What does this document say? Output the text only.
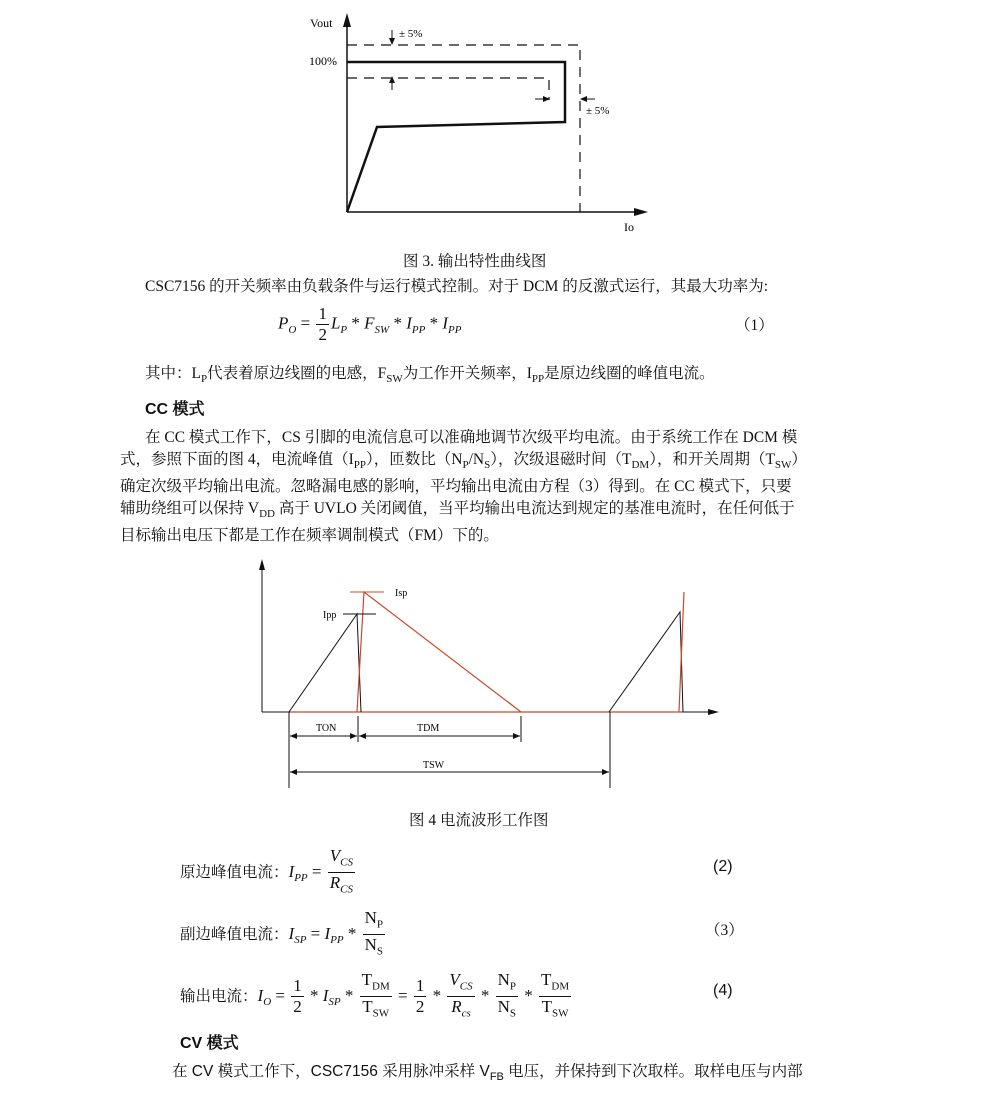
Vout
100%
± 5%
± 5%
Io
图 3. 输出特性曲线图
CSC7156 的开关频率由负载条件与运行模式控制。对于 DCM 的反激式运行，其最大功率为:
$P_O = \frac{1}{2} L_P * F_{SW} * I_{PP} * I_{PP}$	（1）
其中：$L_P$代表着原边线圈的电感，$F_{SW}$为工作开关频率，$I_{PP}$是原边线圈的峰值电流。
CC 模式
在 CC 模式工作下，CS 引脚的电流信息可以准确地调节次级平均电流。由于系统工作在 DCM 模
式，参照下面的图 4，电流峰值$(I_{PP})$，匝数比$(N_P/N_S)$，次级退磁时间$(T_{DM})$，和开关周期$(T_{SW})$
确定次级平均输出电流。忽略漏电感的影响，平均输出电流由方程（3）得到。在 CC 模式下，只要
辅助绕组可以保持 $V_{DD}$ 高于 UVLO 关闭阈值，当平均输出电流达到规定的基准电流时，在任何低于
目标输出电压下都是工作在频率调制模式（FM）下的。
Ipp
Isp
TON	TDM
TSW
图 4 电流波形工作图
原边峰值电流：$I_{PP} = \frac{V_{CS}}{R_{CS}}$	(2)
副边峰值电流：$I_{SP} = I_{PP} * \frac{N_P}{N_S}$	（3）
输出电流：$I_O = \frac{1}{2} * I_{SP} * \frac{T_{DM}}{T_{SW}} = \frac{1}{2} * \frac{V_{CS}}{R_{cs}} * \frac{N_P}{N_S} * \frac{T_{DM}}{T_{SW}}$	(4)
CV 模式
在 CV 模式工作下，CSC7156 采用脉冲采样 $V_{FB}$ 电压，并保持到下次取样。取样电压与内部
